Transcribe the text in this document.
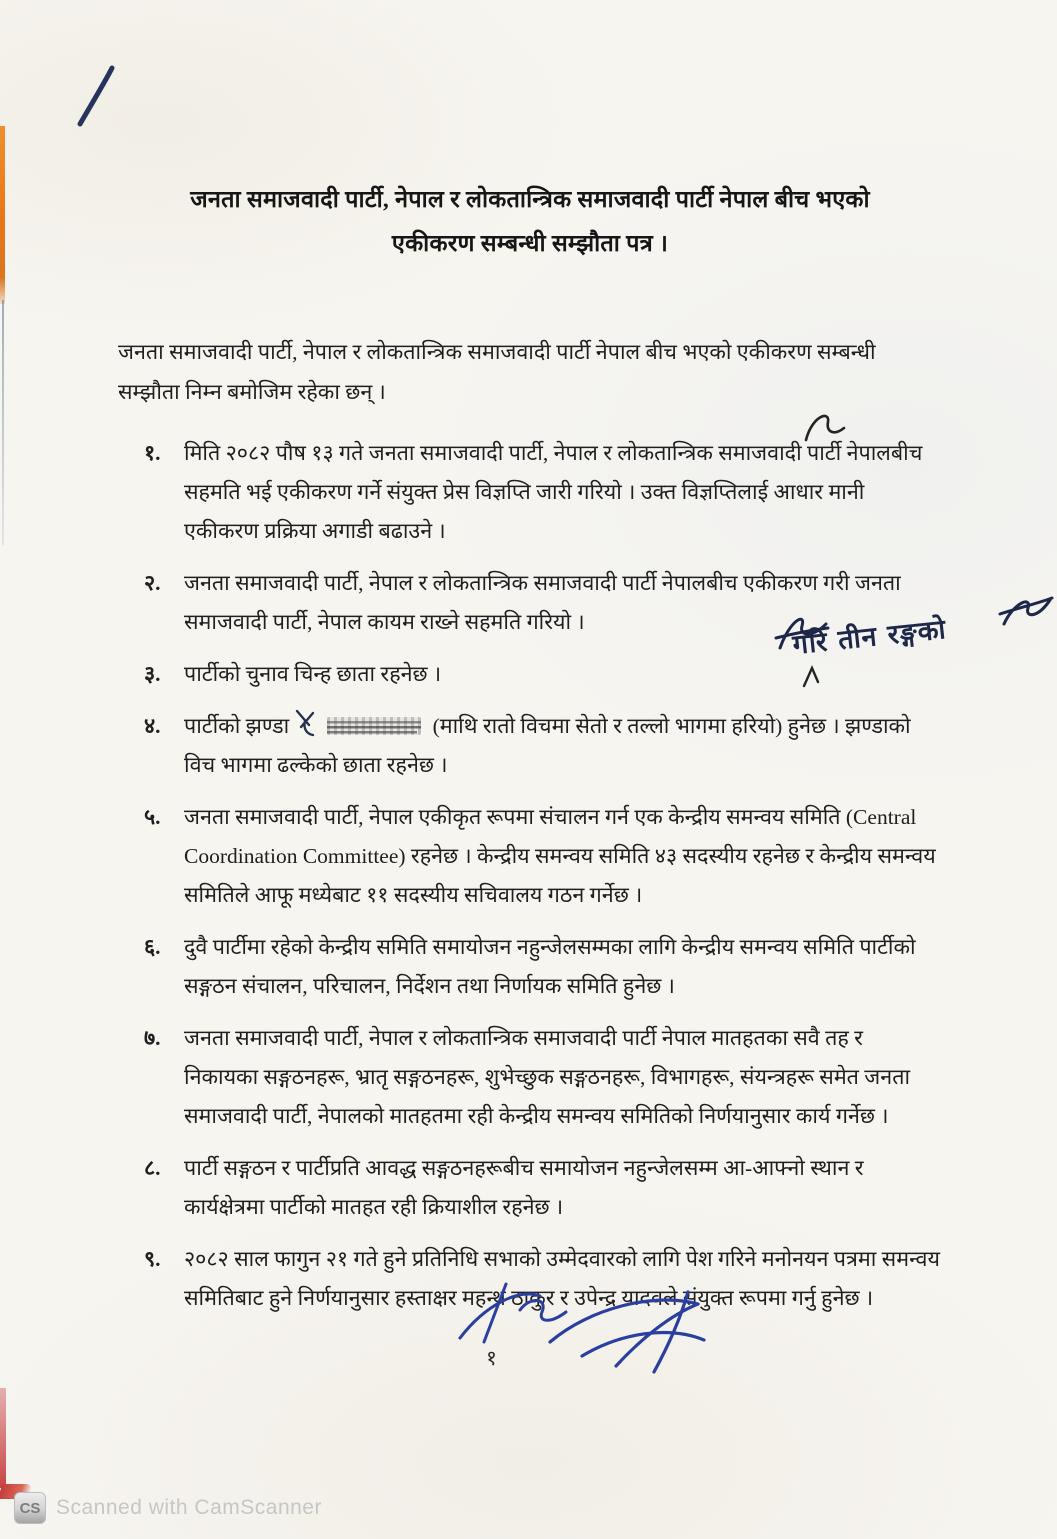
जनता समाजवादी पार्टी, नेपाल र लोकतान्त्रिक समाजवादी पार्टी नेपाल बीच भएको
एकीकरण सम्बन्धी सम्झौता पत्र ।

जनता समाजवादी पार्टी, नेपाल र लोकतान्त्रिक समाजवादी पार्टी नेपाल बीच भएको एकीकरण सम्बन्धी सम्झौता निम्न बमोजिम रहेका छन् ।

१.	मिति २०८२ पौष १३ गते जनता समाजवादी पार्टी, नेपाल र लोकतान्त्रिक समाजवादी पार्टी नेपालबीच सहमति भई एकीकरण गर्ने संयुक्त प्रेस विज्ञप्ति जारी गरियो । उक्त विज्ञप्तिलाई आधार मानी एकीकरण प्रक्रिया अगाडी बढाउने ।
२.	जनता समाजवादी पार्टी, नेपाल र लोकतान्त्रिक समाजवादी पार्टी नेपालबीच एकीकरण गरी जनता समाजवादी पार्टी, नेपाल कायम राख्ने सहमति गरियो ।
३.	पार्टीको चुनाव चिन्ह छाता रहनेछ ।
४.	पार्टीको झण्डा	(माथि रातो विचमा सेतो र तल्लो भागमा हरियो) हुनेछ । झण्डाको विच भागमा ढल्केको छाता रहनेछ ।
५.	जनता समाजवादी पार्टी, नेपाल एकीकृत रूपमा संचालन गर्न एक केन्द्रीय समन्वय समिति (Central Coordination Committee) रहनेछ । केन्द्रीय समन्वय समिति ४३ सदस्यीय रहनेछ र केन्द्रीय समन्वय समितिले आफू मध्येबाट ११ सदस्यीय सचिवालय गठन गर्नेछ ।
६.	दुवै पार्टीमा रहेको केन्द्रीय समिति समायोजन नहुन्जेलसम्मका लागि केन्द्रीय समन्वय समिति पार्टीको सङ्गठन संचालन, परिचालन, निर्देशन तथा निर्णायक समिति हुनेछ ।
७.	जनता समाजवादी पार्टी, नेपाल र लोकतान्त्रिक समाजवादी पार्टी नेपाल मातहतका सवै तह र निकायका सङ्गठनहरू, भ्रातृ सङ्गठनहरू, शुभेच्छुक सङ्गठनहरू, विभागहरू, संयन्त्रहरू समेत जनता समाजवादी पार्टी, नेपालको मातहतमा रही केन्द्रीय समन्वय समितिको निर्णयानुसार कार्य गर्नेछ ।
८.	पार्टी सङ्गठन र पार्टीप्रति आवद्ध सङ्गठनहरूबीच समायोजन नहुन्जेलसम्म आ-आफ्नो स्थान र कार्यक्षेत्रमा पार्टीको मातहत रही क्रियाशील रहनेछ ।
९.	२०८२ साल फागुन २१ गते हुने प्रतिनिधि सभाको उम्मेदवारको लागि पेश गरिने मनोनयन पत्रमा समन्वय समितिबाट हुने निर्णयानुसार हस्ताक्षर महन्थ ठाकुर र उपेन्द्र यादवले संयुक्त रूपमा गर्नु हुनेछ ।
गरि तीन रङ्गको
१
CS Scanned with CamScanner
